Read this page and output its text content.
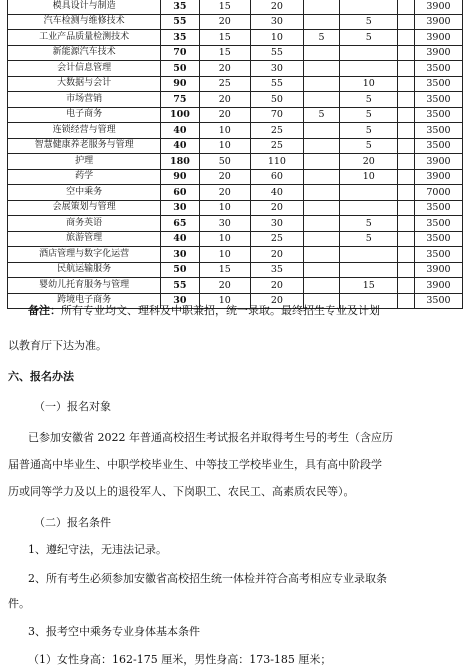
模具设计与制造	35	15	20				3900
汽车检测与维修技术	55	20	30		5		3900
工业产品质量检测技术	35	15	10	5	5		3900
新能源汽车技术	70	15	55				3900
会计信息管理	50	20	30				3500
大数据与会计	90	25	55		10		3500
市场营销	75	20	50		5		3500
电子商务	100	20	70	5	5		3500
连锁经营与管理	40	10	25		5		3500
智慧健康养老服务与管理	40	10	25		5		3500
护理	180	50	110		20		3900
药学	90	20	60		10		3900
空中乘务	60	20	40				7000
会展策划与管理	30	10	20				3500
商务英语	65	30	30		5		3500
旅游管理	40	10	25		5		3500
酒店管理与数字化运营	30	10	20				3500
民航运输服务	50	15	35				3900
婴幼儿托育服务与管理	55	20	20		15		3900
跨境电子商务	30	10	20				3500
备注：所有专业均文、理科及中职兼招，统一录取。最终招生专业及计划
以教育厅下达为准。
六、报名办法
（一）报名对象
已参加安徽省 2022 年普通高校招生考试报名并取得考生号的考生（含应历
届普通高中毕业生、中职学校毕业生、中等技工学校毕业生，具有高中阶段学
历或同等学力及以上的退役军人、下岗职工、农民工、高素质农民等）。
（二）报名条件
1、遵纪守法，无违法记录。
2、所有考生必须参加安徽省高校招生统一体检并符合高考相应专业录取条
件。
3、报考空中乘务专业身体基本条件
（1）女性身高：162-175 厘米，男性身高：173-185 厘米；
